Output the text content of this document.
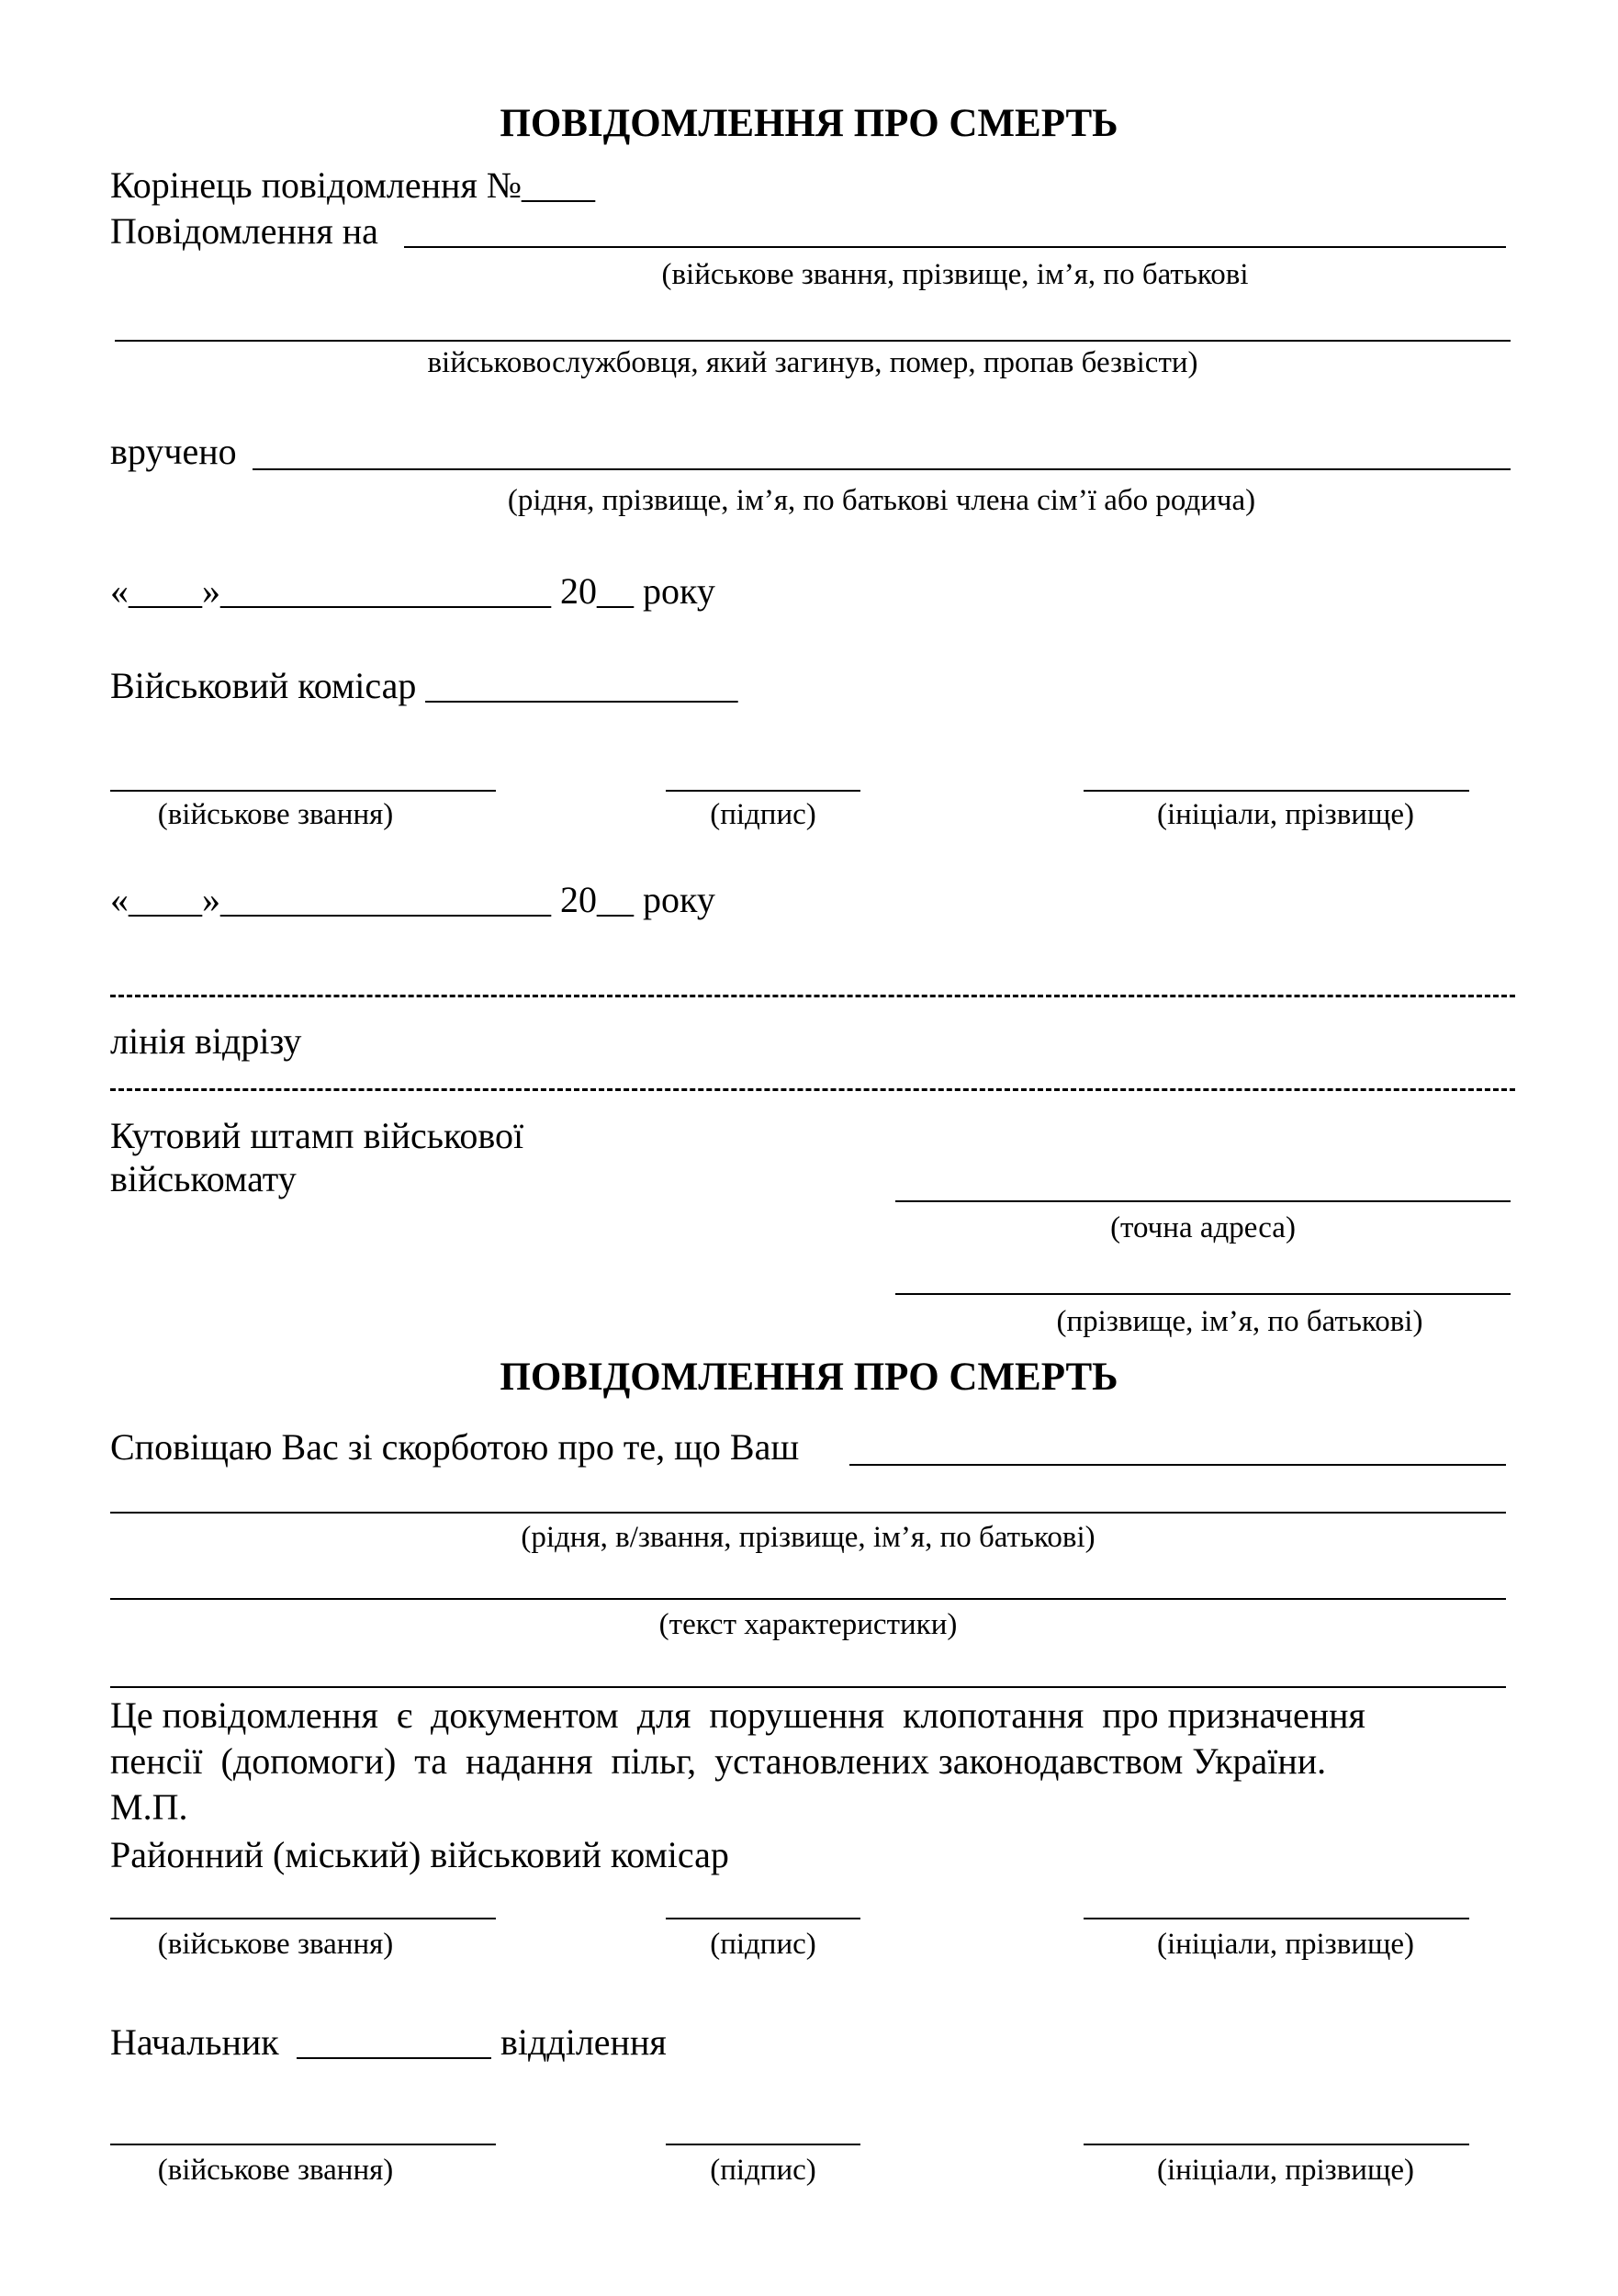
ПОВІДОМЛЕННЯ ПРО СМЕРТЬ
Корінець повідомлення №____
Повідомлення на
(військове звання, прізвище, ім’я, по батькові
військовослужбовця, який загинув, помер, пропав безвісти)
вручено
(рідня, прізвище, ім’я, по батькові члена сім’ї або родича)
«____»__________________ 20__ року
Військовий комісар _________________
(військове звання)	(підпис)	(ініціали, прізвище)
«____»__________________ 20__ року
лінія відрізу
Кутовий штамп військової
військомату
(точна адреса)
(прізвище, ім’я, по батькові)
ПОВІДОМЛЕННЯ ПРО СМЕРТЬ
Сповіщаю Вас зі скорботою про те, що Ваш
(рідня, в/звання, прізвище, ім’я, по батькові)
(текст характеристики)
Це повідомлення  є  документом  для  порушення  клопотання  про призначення
пенсії  (допомоги)  та  надання  пільг,  установлених законодавством України.
М.П.
Районний (міський) військовий комісар
(військове звання)	(підпис)	(ініціали, прізвище)
Начальник	відділення
(військове звання)	(підпис)	(ініціали, прізвище)
